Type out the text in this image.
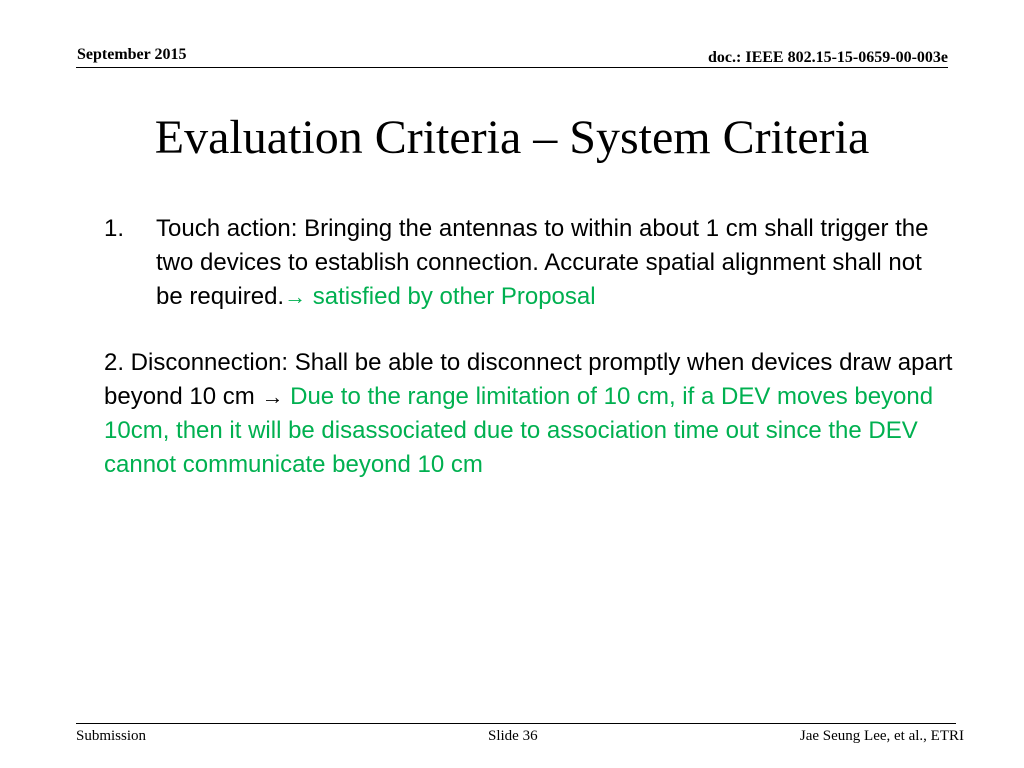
September 2015	doc.: IEEE 802.15-15-0659-00-003e
Evaluation Criteria – System Criteria
1. Touch action: Bringing the antennas to within about 1 cm shall trigger the two devices to establish connection. Accurate spatial alignment shall not be required.→ satisfied by other Proposal
2. Disconnection: Shall be able to disconnect promptly when devices draw apart beyond 10 cm → Due to the range limitation of 10 cm, if a DEV moves beyond 10cm, then it will be disassociated due to association time out since the DEV cannot communicate beyond 10 cm
Submission	Slide 36	Jae Seung Lee, et al., ETRI
